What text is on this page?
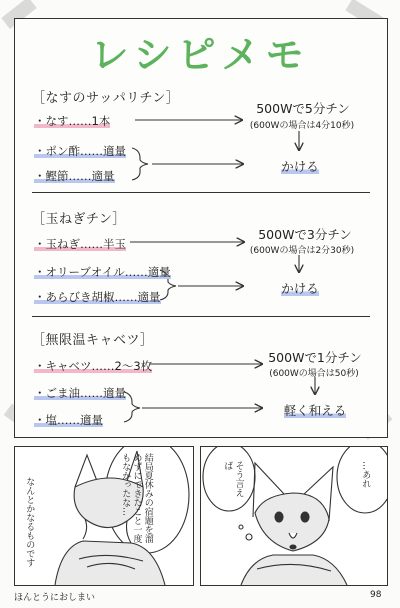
レシピメモ
［なすのサッパリチン］
・なす……1本
・ポン酢……適量
・鰹節……適量
500Wで5分チン
(600Wの場合は4分10秒)
かける
［玉ねぎチン］
・玉ねぎ……半玉
・オリーブオイル……適量
・あらびき胡椒……適量
500Wで3分チン
(600Wの場合は2分30秒)
かける
［無限温キャベツ］
・キャベツ……2～3枚
・ごま油……適量
・塩……適量
500Wで1分チン
(600Wの場合は50秒)
軽く和える
結局夏休みの宿題を溜めずにできたこと一度もなかったな…
なんとかなるものです	そう言えば	…あれ
ほんとうにおしまい	98
